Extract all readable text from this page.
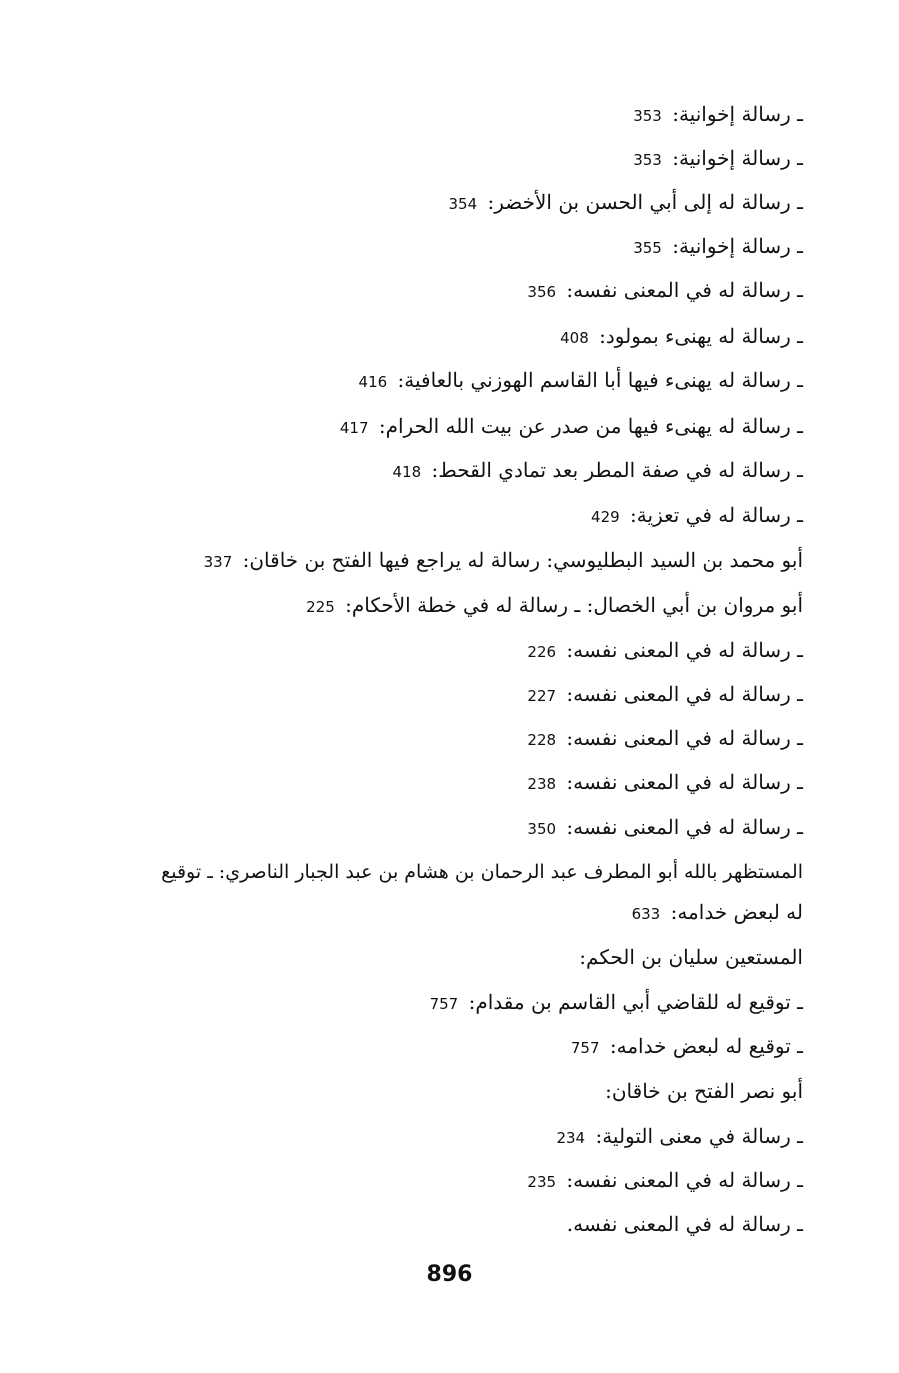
ـ رسالة إخوانية: 353
ـ رسالة إخوانية: 353
ـ رسالة له إلى أبي الحسن بن الأخضر: 354
ـ رسالة إخوانية: 355
ـ رسالة له في المعنى نفسه: 356
ـ رسالة له يهنىء بمولود: 408
ـ رسالة له يهنىء فيها أبا القاسم الهوزني بالعافية: 416
ـ رسالة له يهنىء فيها من صدر عن بيت الله الحرام: 417
ـ رسالة له في صفة المطر بعد تمادي القحط: 418
ـ رسالة له في تعزية: 429
أبو محمد بن السيد البطليوسي: رسالة له يراجع فيها الفتح بن خاقان: 337
أبو مروان بن أبي الخصال: ـ رسالة له في خطة الأحكام: 225
ـ رسالة له في المعنى نفسه: 226
ـ رسالة له في المعنى نفسه: 227
ـ رسالة له في المعنى نفسه: 228
ـ رسالة له في المعنى نفسه: 238
ـ رسالة له في المعنى نفسه: 350
المستظهر بالله أبو المطرف عبد الرحمان بن هشام بن عبد الجبار الناصري: ـ توقيع
له لبعض خدامه: 633
المستعين سليان بن الحكم:
ـ توقيع له للقاضي أبي القاسم بن مقدام: 757
ـ توقيع له لبعض خدامه: 757
أبو نصر الفتح بن خاقان:
ـ رسالة في معنى التولية: 234
ـ رسالة له في المعنى نفسه: 235
ـ رسالة له في المعنى نفسه.
896
